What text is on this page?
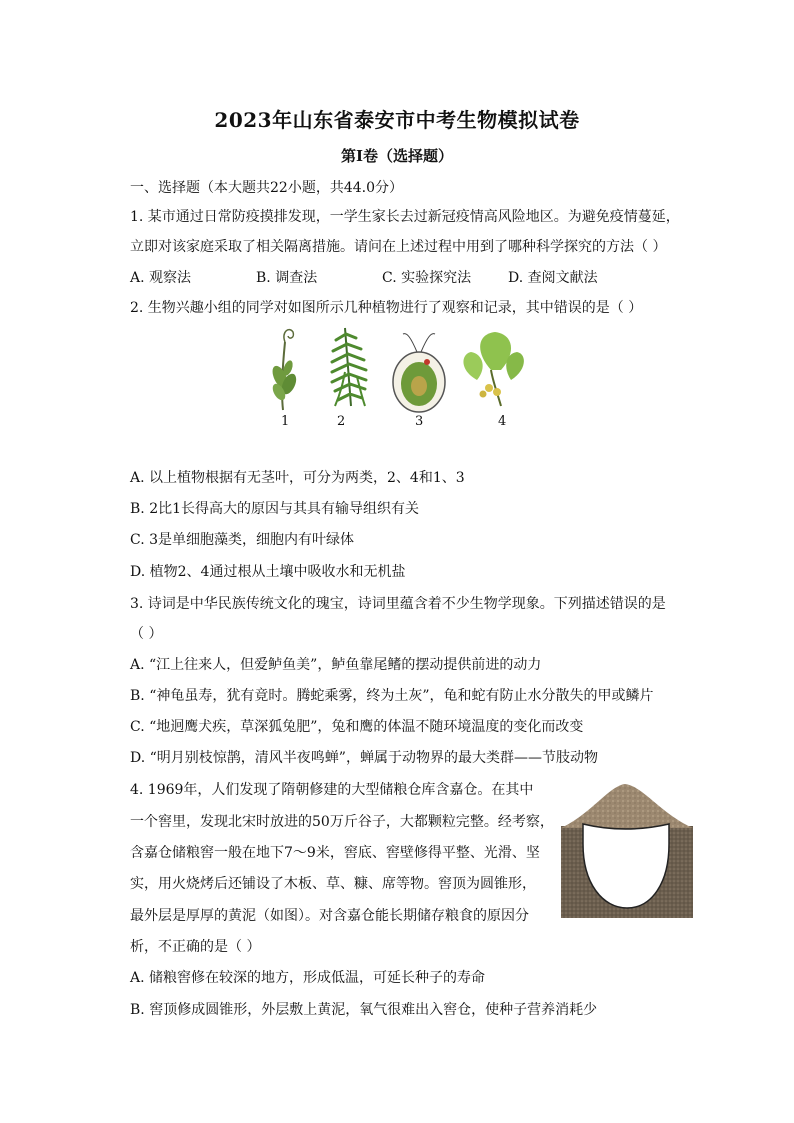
2023年山东省泰安市中考生物模拟试卷
第Ⅰ卷（选择题）
一、选择题（本大题共22小题，共44.0分）
1. 某市通过日常防疫摸排发现，一学生家长去过新冠疫情高风险地区。为避免疫情蔓延，
立即对该家庭采取了相关隔离措施。请问在上述过程中用到了哪种科学探究的方法（ ）
A. 观察法	B. 调查法	C. 实验探究法	D. 查阅文献法
2. 生物兴趣小组的同学对如图所示几种植物进行了观察和记录，其中错误的是（ ）
1	2	3	4
A. 以上植物根据有无茎叶，可分为两类，2、4和1、3
B. 2比1长得高大的原因与其具有输导组织有关
C. 3是单细胞藻类，细胞内有叶绿体
D. 植物2、4通过根从土壤中吸收水和无机盐
3. 诗词是中华民族传统文化的瑰宝，诗词里蕴含着不少生物学现象。下列描述错误的是
（ ）
A. “江上往来人，但爱鲈鱼美”，鲈鱼靠尾鳍的摆动提供前进的动力
B. “神龟虽寿，犹有竟时。腾蛇乘雾，终为土灰”，龟和蛇有防止水分散失的甲或鳞片
C. “地迥鹰犬疾，草深狐兔肥”，兔和鹰的体温不随环境温度的变化而改变
D. “明月别枝惊鹊，清风半夜鸣蝉”，蝉属于动物界的最大类群——节肢动物
4. 1969年，人们发现了隋朝修建的大型储粮仓库含嘉仓。在其中
一个窖里，发现北宋时放进的50万斤谷子，大都颗粒完整。经考察，
含嘉仓储粮窖一般在地下7～9米，窖底、窖壁修得平整、光滑、坚
实，用火烧烤后还铺设了木板、草、糠、席等物。窖顶为圆锥形，
最外层是厚厚的黄泥（如图）。对含嘉仓能长期储存粮食的原因分
析，不正确的是（ ）
A. 储粮窖修在较深的地方，形成低温，可延长种子的寿命
B. 窖顶修成圆锥形，外层敷上黄泥，氧气很难出入窖仓，使种子营养消耗少
